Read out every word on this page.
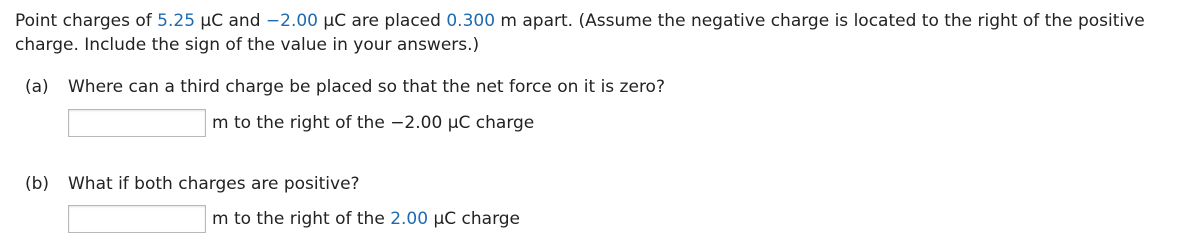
Point charges of 5.25 μC and −2.00 μC are placed 0.300 m apart. (Assume the negative charge is located to the right of the positive charge. Include the sign of the value in your answers.)

(a) Where can a third charge be placed so that the net force on it is zero?
m to the right of the −2.00 μC charge
(b) What if both charges are positive?
m to the right of the 2.00 μC charge
